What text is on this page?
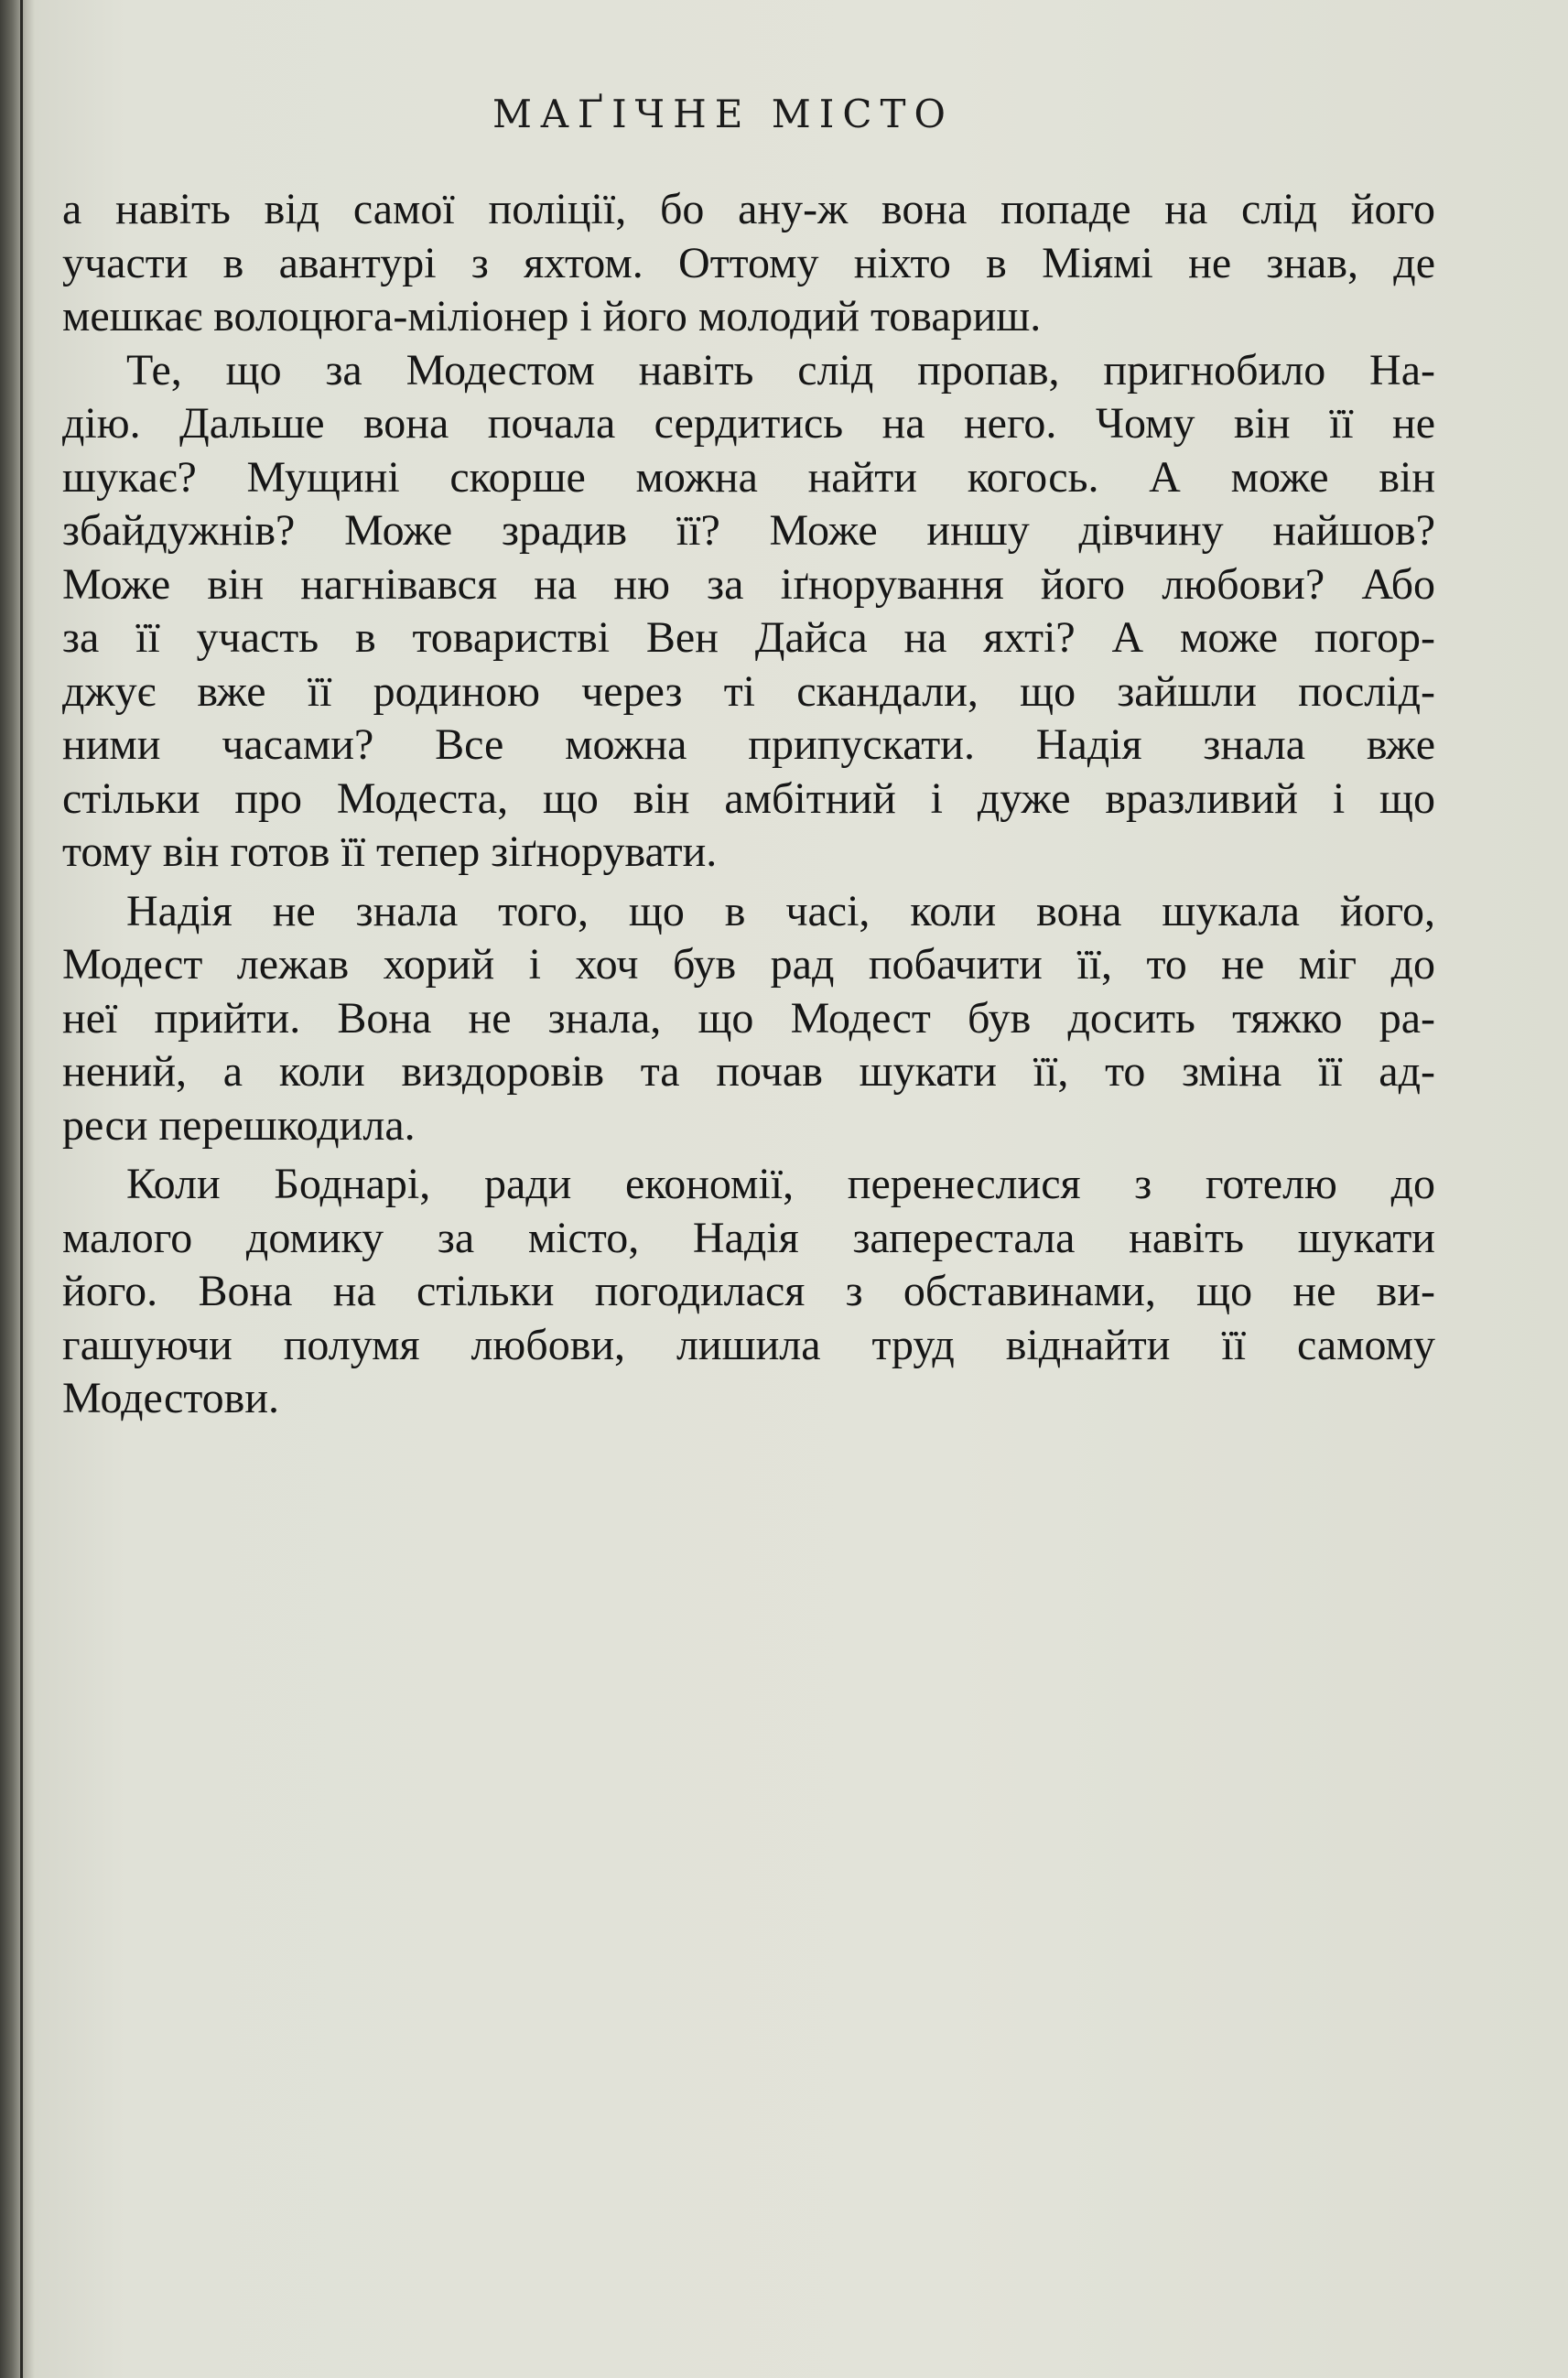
МАҐІЧНЕ МІСТО
а навіть від самої поліції, бо ану-ж вона попаде на слід його
участи в авантурі з яхтом. Оттому ніхто в Міямі не знав, де
мешкає волоцюга-міліонер і його молодий товариш.
Те, що за Модестом навіть слід пропав, пригнобило На-
дію. Дальше вона почала сердитись на него. Чому він її не
шукає? Мущині скорше можна найти когось. А може він
збайдужнів? Може зрадив її? Може иншу дівчину найшов?
Може він нагнівався на ню за іґнорування його любови? Або
за її участь в товаристві Вен Дайса на яхті? А може погор-
джує вже її родиною через ті скандали, що зайшли послід-
ними часами? Все можна припускати. Надія знала вже
стільки про Модеста, що він амбітний і дуже вразливий і що
тому він готов її тепер зіґнорувати.
Надія не знала того, що в часі, коли вона шукала його,
Модест лежав хорий і хоч був рад побачити її, то не міг до
неї прийти. Вона не знала, що Модест був досить тяжко ра-
нений, а коли виздоровів та почав шукати її, то зміна її ад-
реси перешкодила.
Коли Боднарі, ради економії, перенеслися з готелю до
малого домику за місто, Надія заперестала навіть шукати
його. Вона на стільки погодилася з обставинами, що не ви-
гашуючи полумя любови, лишила труд віднайти її самому
Модестови.
